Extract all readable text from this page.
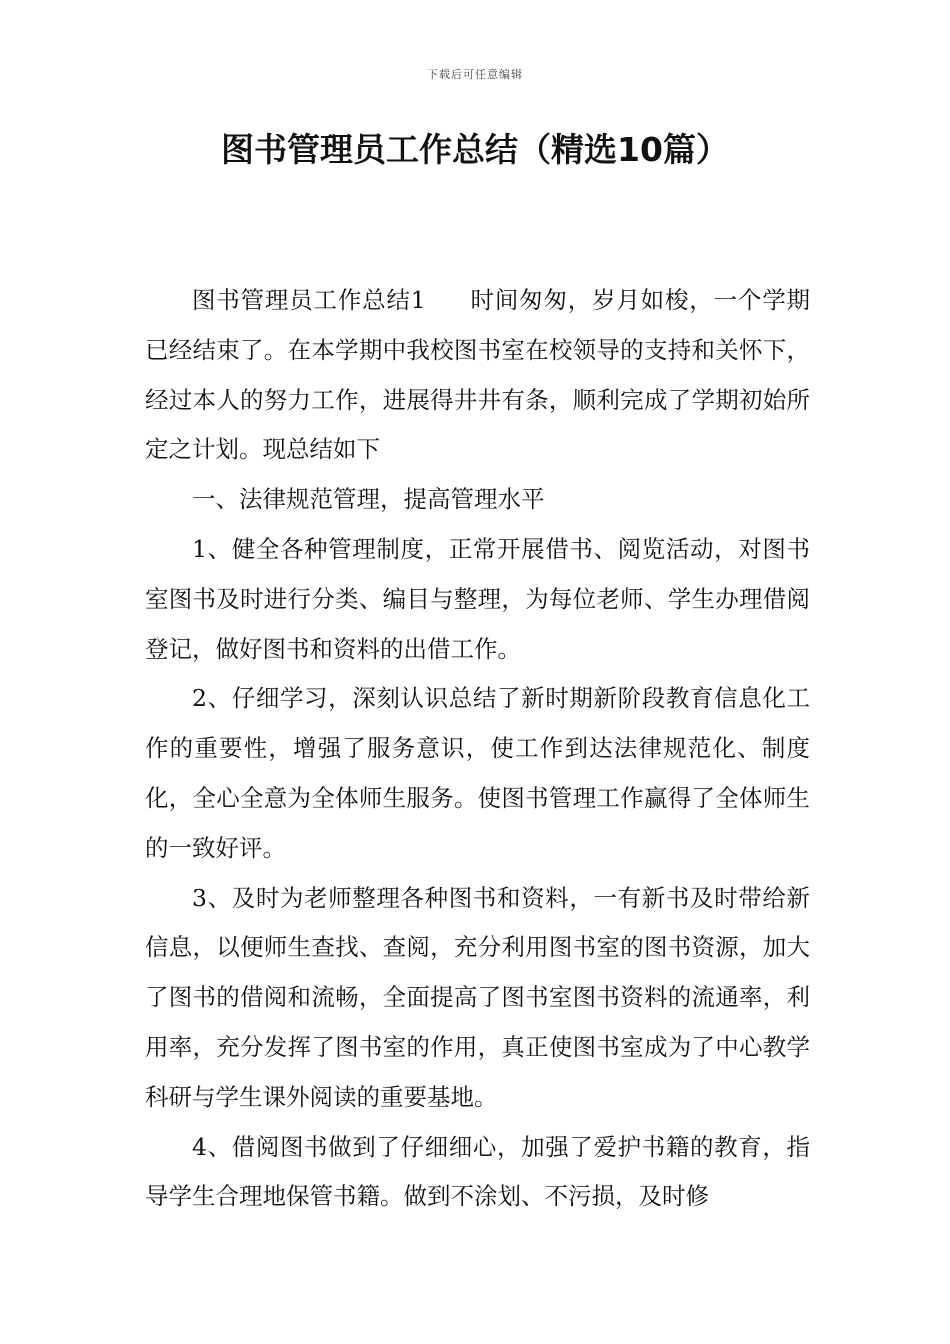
下载后可任意编辑
图书管理员工作总结（精选10篇）

图书管理员工作总结1 时间匆匆，岁月如梭，一个学期已经结束了。在本学期中我校图书室在校领导的支持和关怀下，经过本人的努力工作，进展得井井有条，顺利完成了学期初始所定之计划。现总结如下

一、法律规范管理，提高管理水平

1、健全各种管理制度，正常开展借书、阅览活动，对图书室图书及时进行分类、编目与整理，为每位老师、学生办理借阅登记，做好图书和资料的出借工作。

2、仔细学习，深刻认识总结了新时期新阶段教育信息化工作的重要性，增强了服务意识，使工作到达法律规范化、制度化，全心全意为全体师生服务。使图书管理工作赢得了全体师生的一致好评。

3、及时为老师整理各种图书和资料，一有新书及时带给新信息，以便师生查找、查阅，充分利用图书室的图书资源，加大了图书的借阅和流畅，全面提高了图书室图书资料的流通率，利用率，充分发挥了图书室的作用，真正使图书室成为了中心教学科研与学生课外阅读的重要基地。

4、借阅图书做到了仔细细心，加强了爱护书籍的教育，指导学生合理地保管书籍。做到不涂划、不污损，及时修
